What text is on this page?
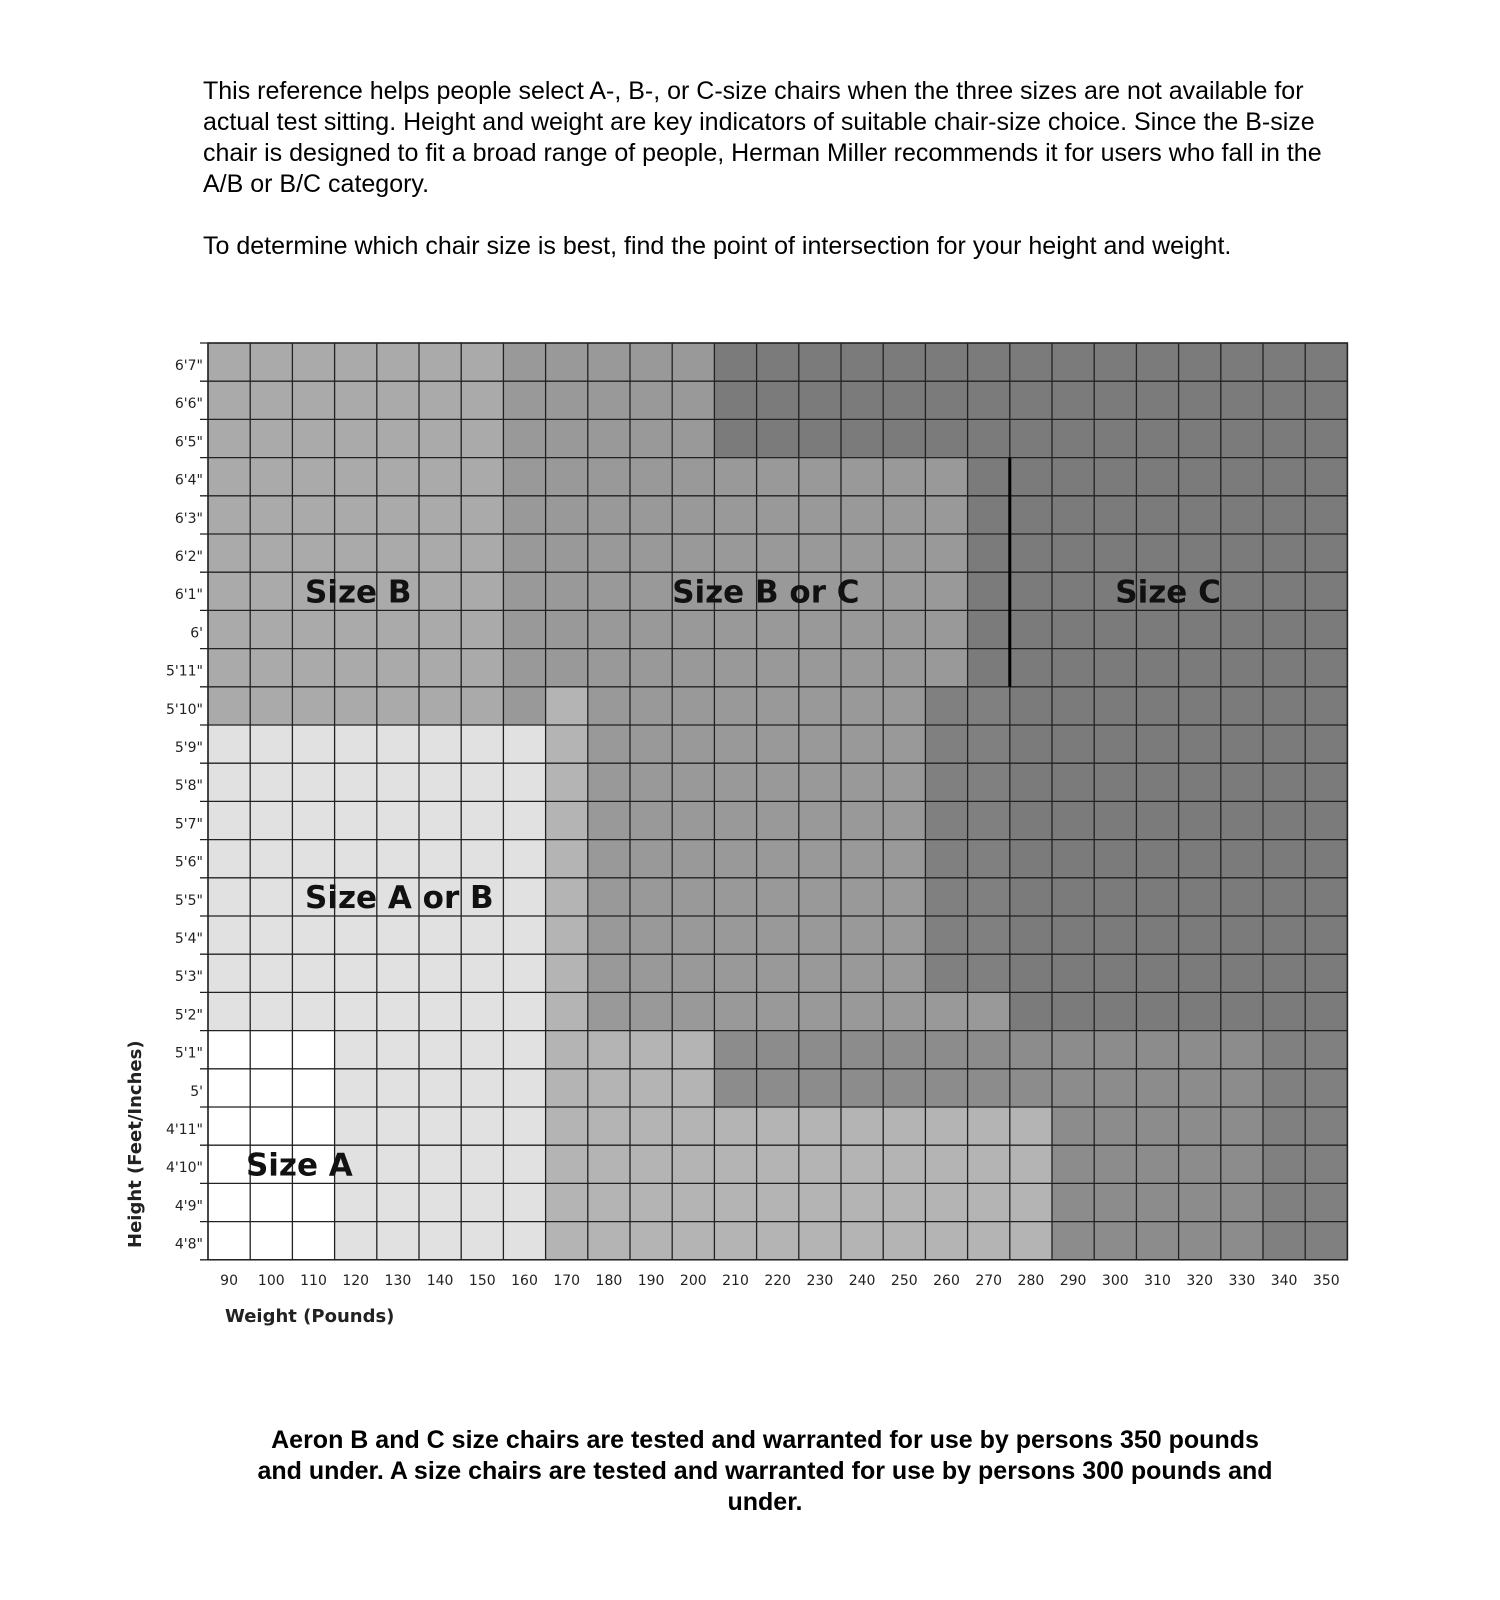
This reference helps people select A-, B-, or C-size chairs when the three sizes are not available for actual test sitting. Height and weight are key indicators of suitable chair-size choice. Since the B-size chair is designed to fit a broad range of people, Herman Miller recommends it for users who fall in the A/B or B/C category.

To determine which chair size is best, find the point of intersection for your height and weight.

6'7"
6'6"
6'5"
6'4"
6'3"
6'2"
6'1"
6'
5'11"
5'10"
5'9"
5'8"
5'7"
5'6"
5'5"
5'4"
5'3"
5'2"
5'1"
5'
4'11"
4'10"
4'9"
4'8"
90 100 110 120 130 140 150 160 170 180 190 200 210 220 230 240 250 260 270 280 290 300 310 320 330 340 350
Size B	Size B or C	Size C
Size A or B
Size A
Weight (Pounds)
Height (Feet/Inches)
Aeron B and C size chairs are tested and warranted for use by persons 350 pounds and under. A size chairs are tested and warranted for use by persons 300 pounds and under.
